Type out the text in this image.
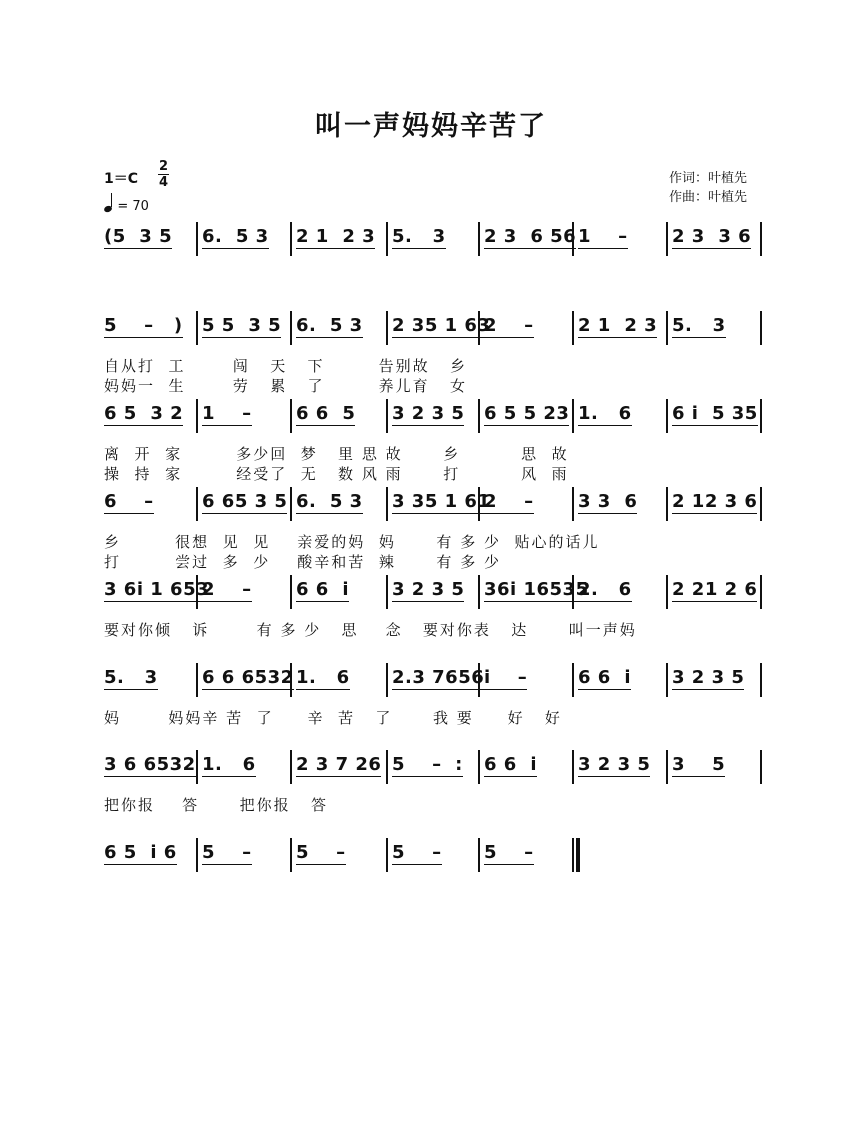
叫一声妈妈辛苦了
1＝C
2
4
= 70
作词：叶植先
作曲：叶植先
(5  3 5 6.  5 3 2 1  2 3 5.   3 2 3  6 56 1    – 2 3  3 6
5    –   ) 5 5  3 5 6.  5 3 2 35 1 63
2    – 2 1  2 3 5.   3
自从打  工       闯   天   下        告别故   乡
妈妈一  生       劳   累   了        养儿育   女
6 5  3 2 1    – 6 6  5 3 2 3 5 6 5 5 23 1.   6 6 i  5 35
离  开  家        多少回  梦   里 思 故      乡         思  故
操  持  家        经受了  无   数 风 雨      打         风  雨
6    –	6 65 3 5 6.  5 3 3 35 1 61
2    – 3 3  6 2 12 3 6
乡        很想  见  见    亲爱的妈  妈      有 多 少  贴心的话儿
打        尝过  多  少    酸辛和苦  辣      有 多 少
3 6i 1 653
2    – 6 6  i 3 2 3 5 36i 16535
2.   6 2 21 2 6
要对你倾   诉       有 多 少   思    念   要对你表   达      叫一声妈
5.   3 6 6 6532 1.   6 2.3 7656 i    –	6 6  i 3 2 3 5
妈       妈妈辛 苦  了     辛  苦   了      我 要     好   好
3 6 6532 1.   6 2 3 7 26 5    –  : 6 6  i 3 2 3 5 3    5
把你报    答      把你报   答
6 5  i 6 5    – 5    –	5    – 5    –
